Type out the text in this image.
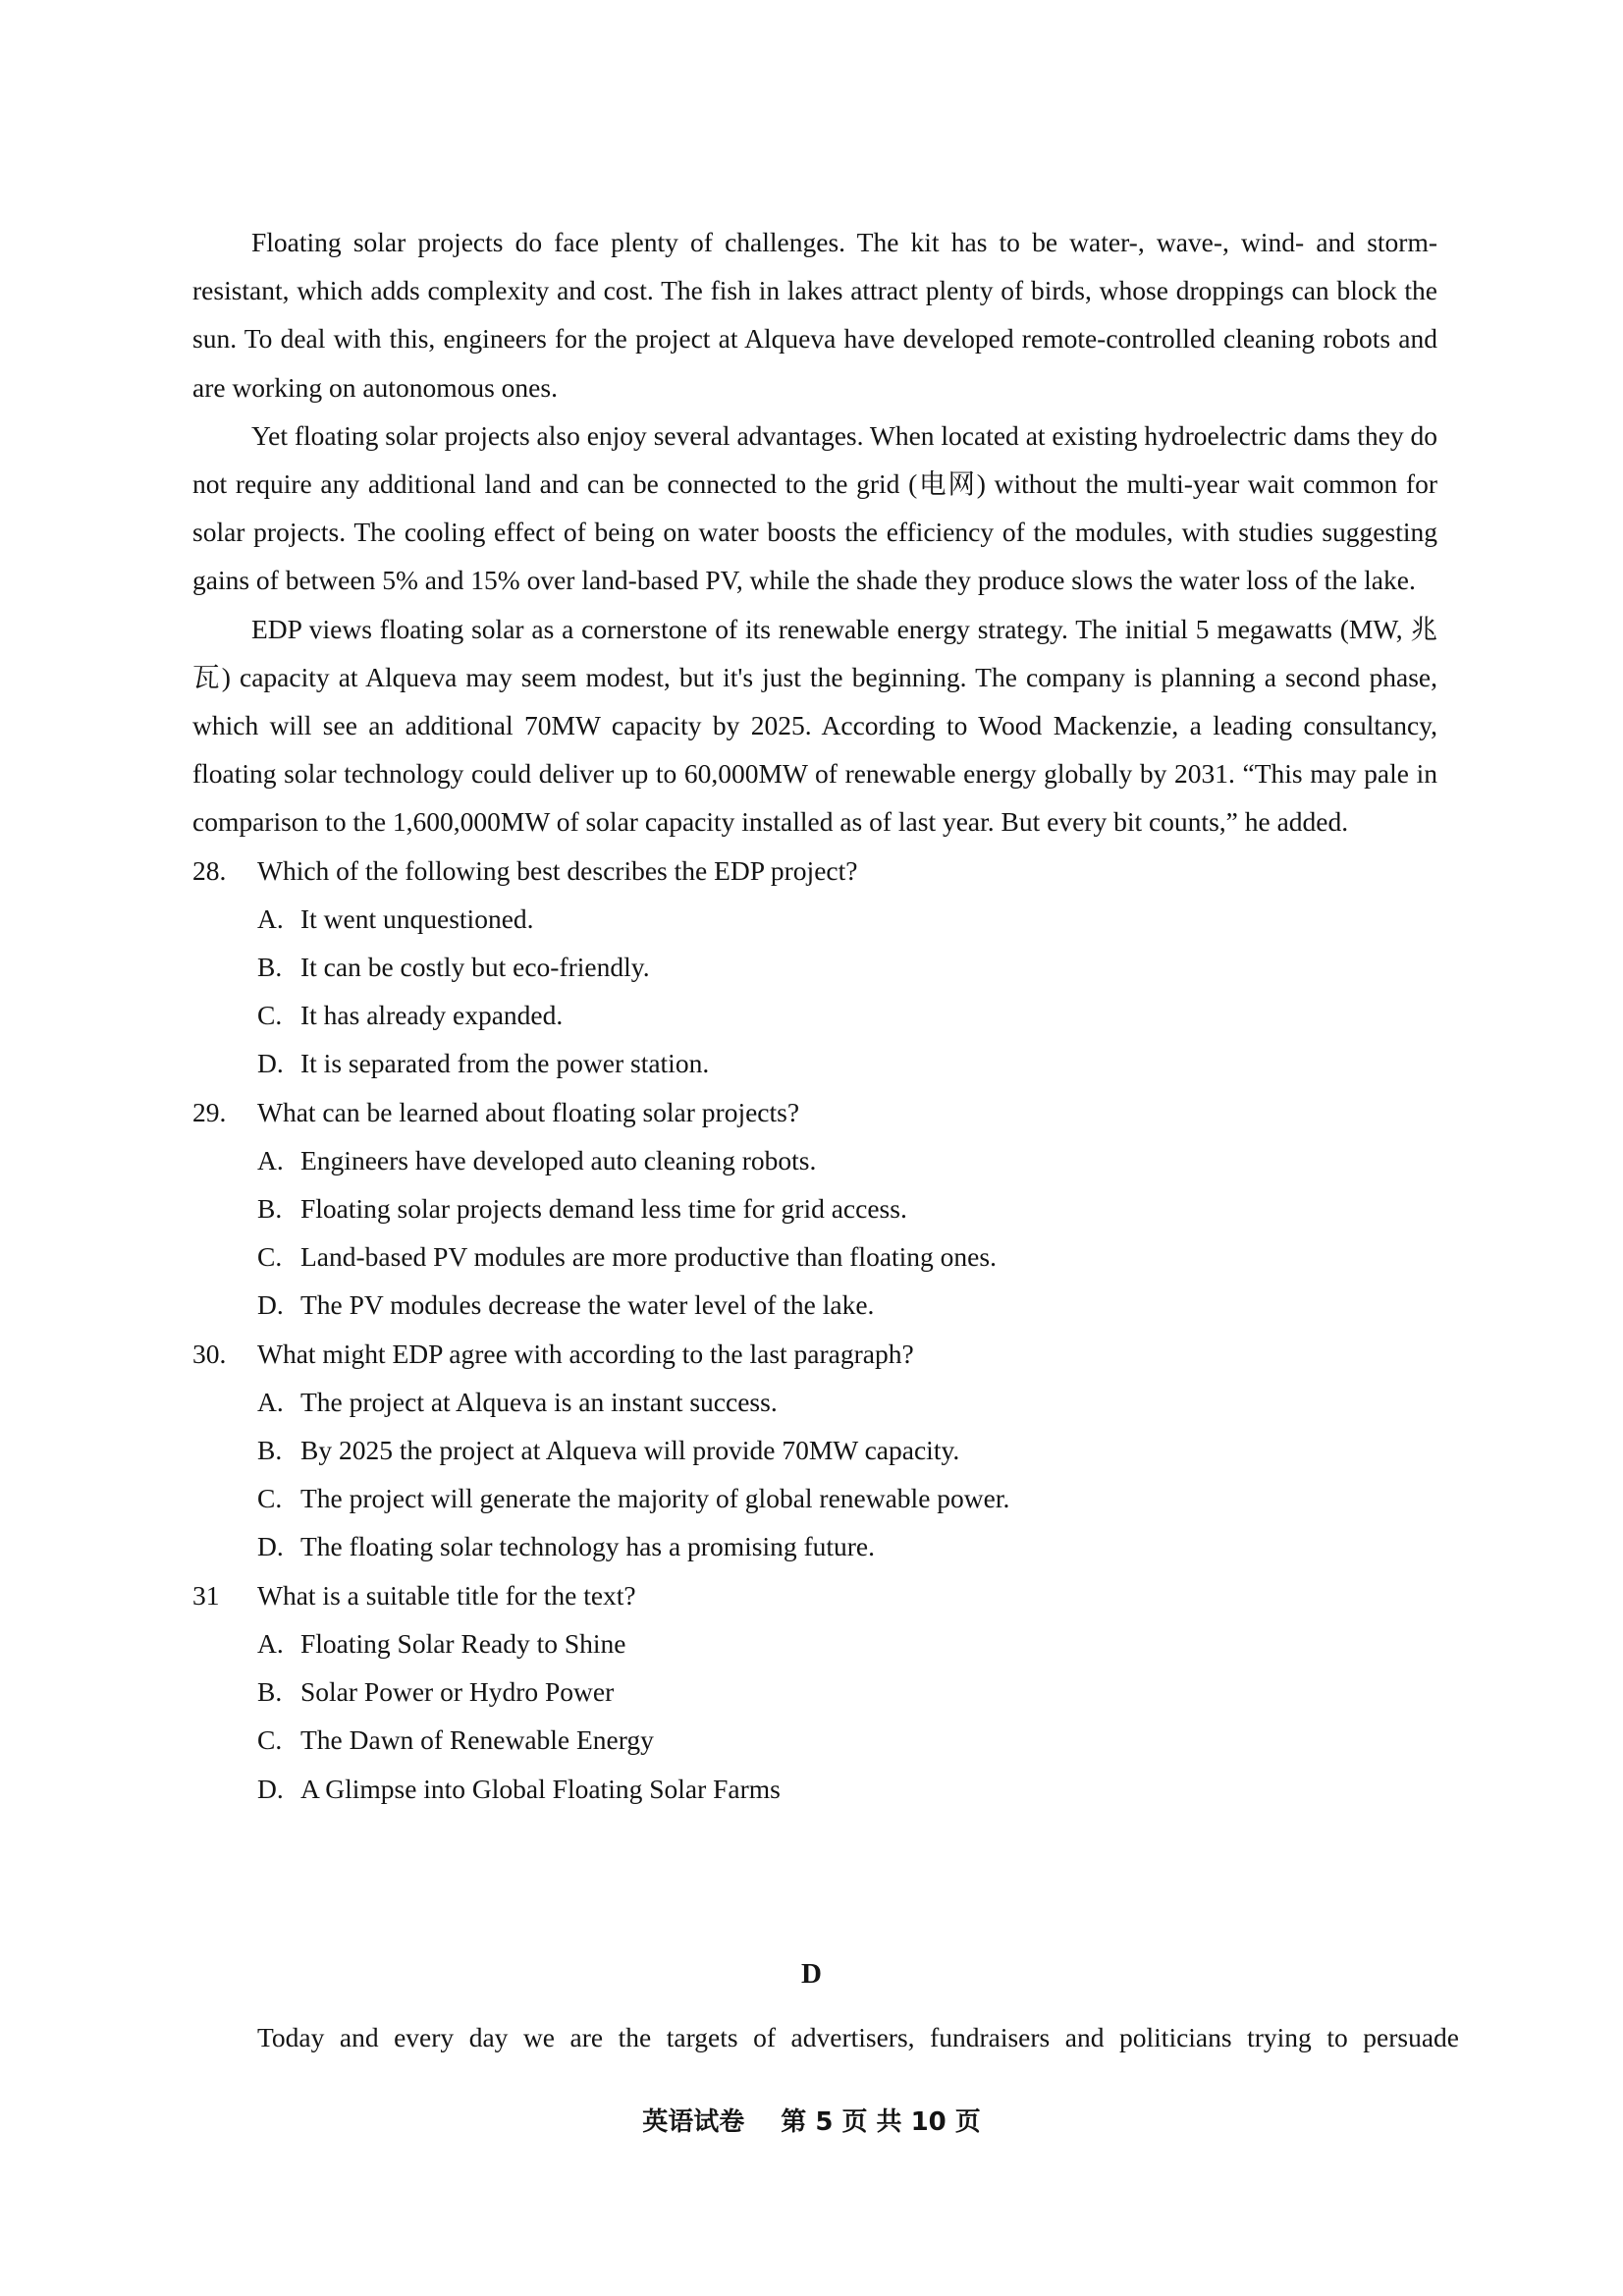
Floating solar projects do face plenty of challenges. The kit has to be water-, wave-, wind- and storm-resistant, which adds complexity and cost. The fish in lakes attract plenty of birds, whose droppings can block the sun. To deal with this, engineers for the project at Alqueva have developed remote-controlled cleaning robots and are working on autonomous ones.

Yet floating solar projects also enjoy several advantages. When located at existing hydroelectric dams they do not require any additional land and can be connected to the grid (电网) without the multi-year wait common for solar projects. The cooling effect of being on water boosts the efficiency of the modules, with studies suggesting gains of between 5% and 15% over land-based PV, while the shade they produce slows the water loss of the lake.

EDP views floating solar as a cornerstone of its renewable energy strategy. The initial 5 megawatts (MW, 兆瓦) capacity at Alqueva may seem modest, but it's just the beginning. The company is planning a second phase, which will see an additional 70MW capacity by 2025. According to Wood Mackenzie, a leading consultancy, floating solar technology could deliver up to 60,000MW of renewable energy globally by 2031. “This may pale in comparison to the 1,600,000MW of solar capacity installed as of last year. But every bit counts,” he added.

28.	Which of the following best describes the EDP project?
A. It went unquestioned.
B. It can be costly but eco-friendly.
C. It has already expanded.
D. It is separated from the power station.
29.	What can be learned about floating solar projects?
A. Engineers have developed auto cleaning robots.
B. Floating solar projects demand less time for grid access.
C. Land-based PV modules are more productive than floating ones.
D. The PV modules decrease the water level of the lake.
30.	What might EDP agree with according to the last paragraph?
A. The project at Alqueva is an instant success.
B. By 2025 the project at Alqueva will provide 70MW capacity.
C. The project will generate the majority of global renewable power.
D. The floating solar technology has a promising future.
31	What is a suitable title for the text?
A. Floating Solar Ready to Shine
B. Solar Power or Hydro Power
C. The Dawn of Renewable Energy
D. A Glimpse into Global Floating Solar Farms
D
Today and every day we are the targets of advertisers, fundraisers and politicians trying to persuade
英语试卷 第 5 页 共 10 页
